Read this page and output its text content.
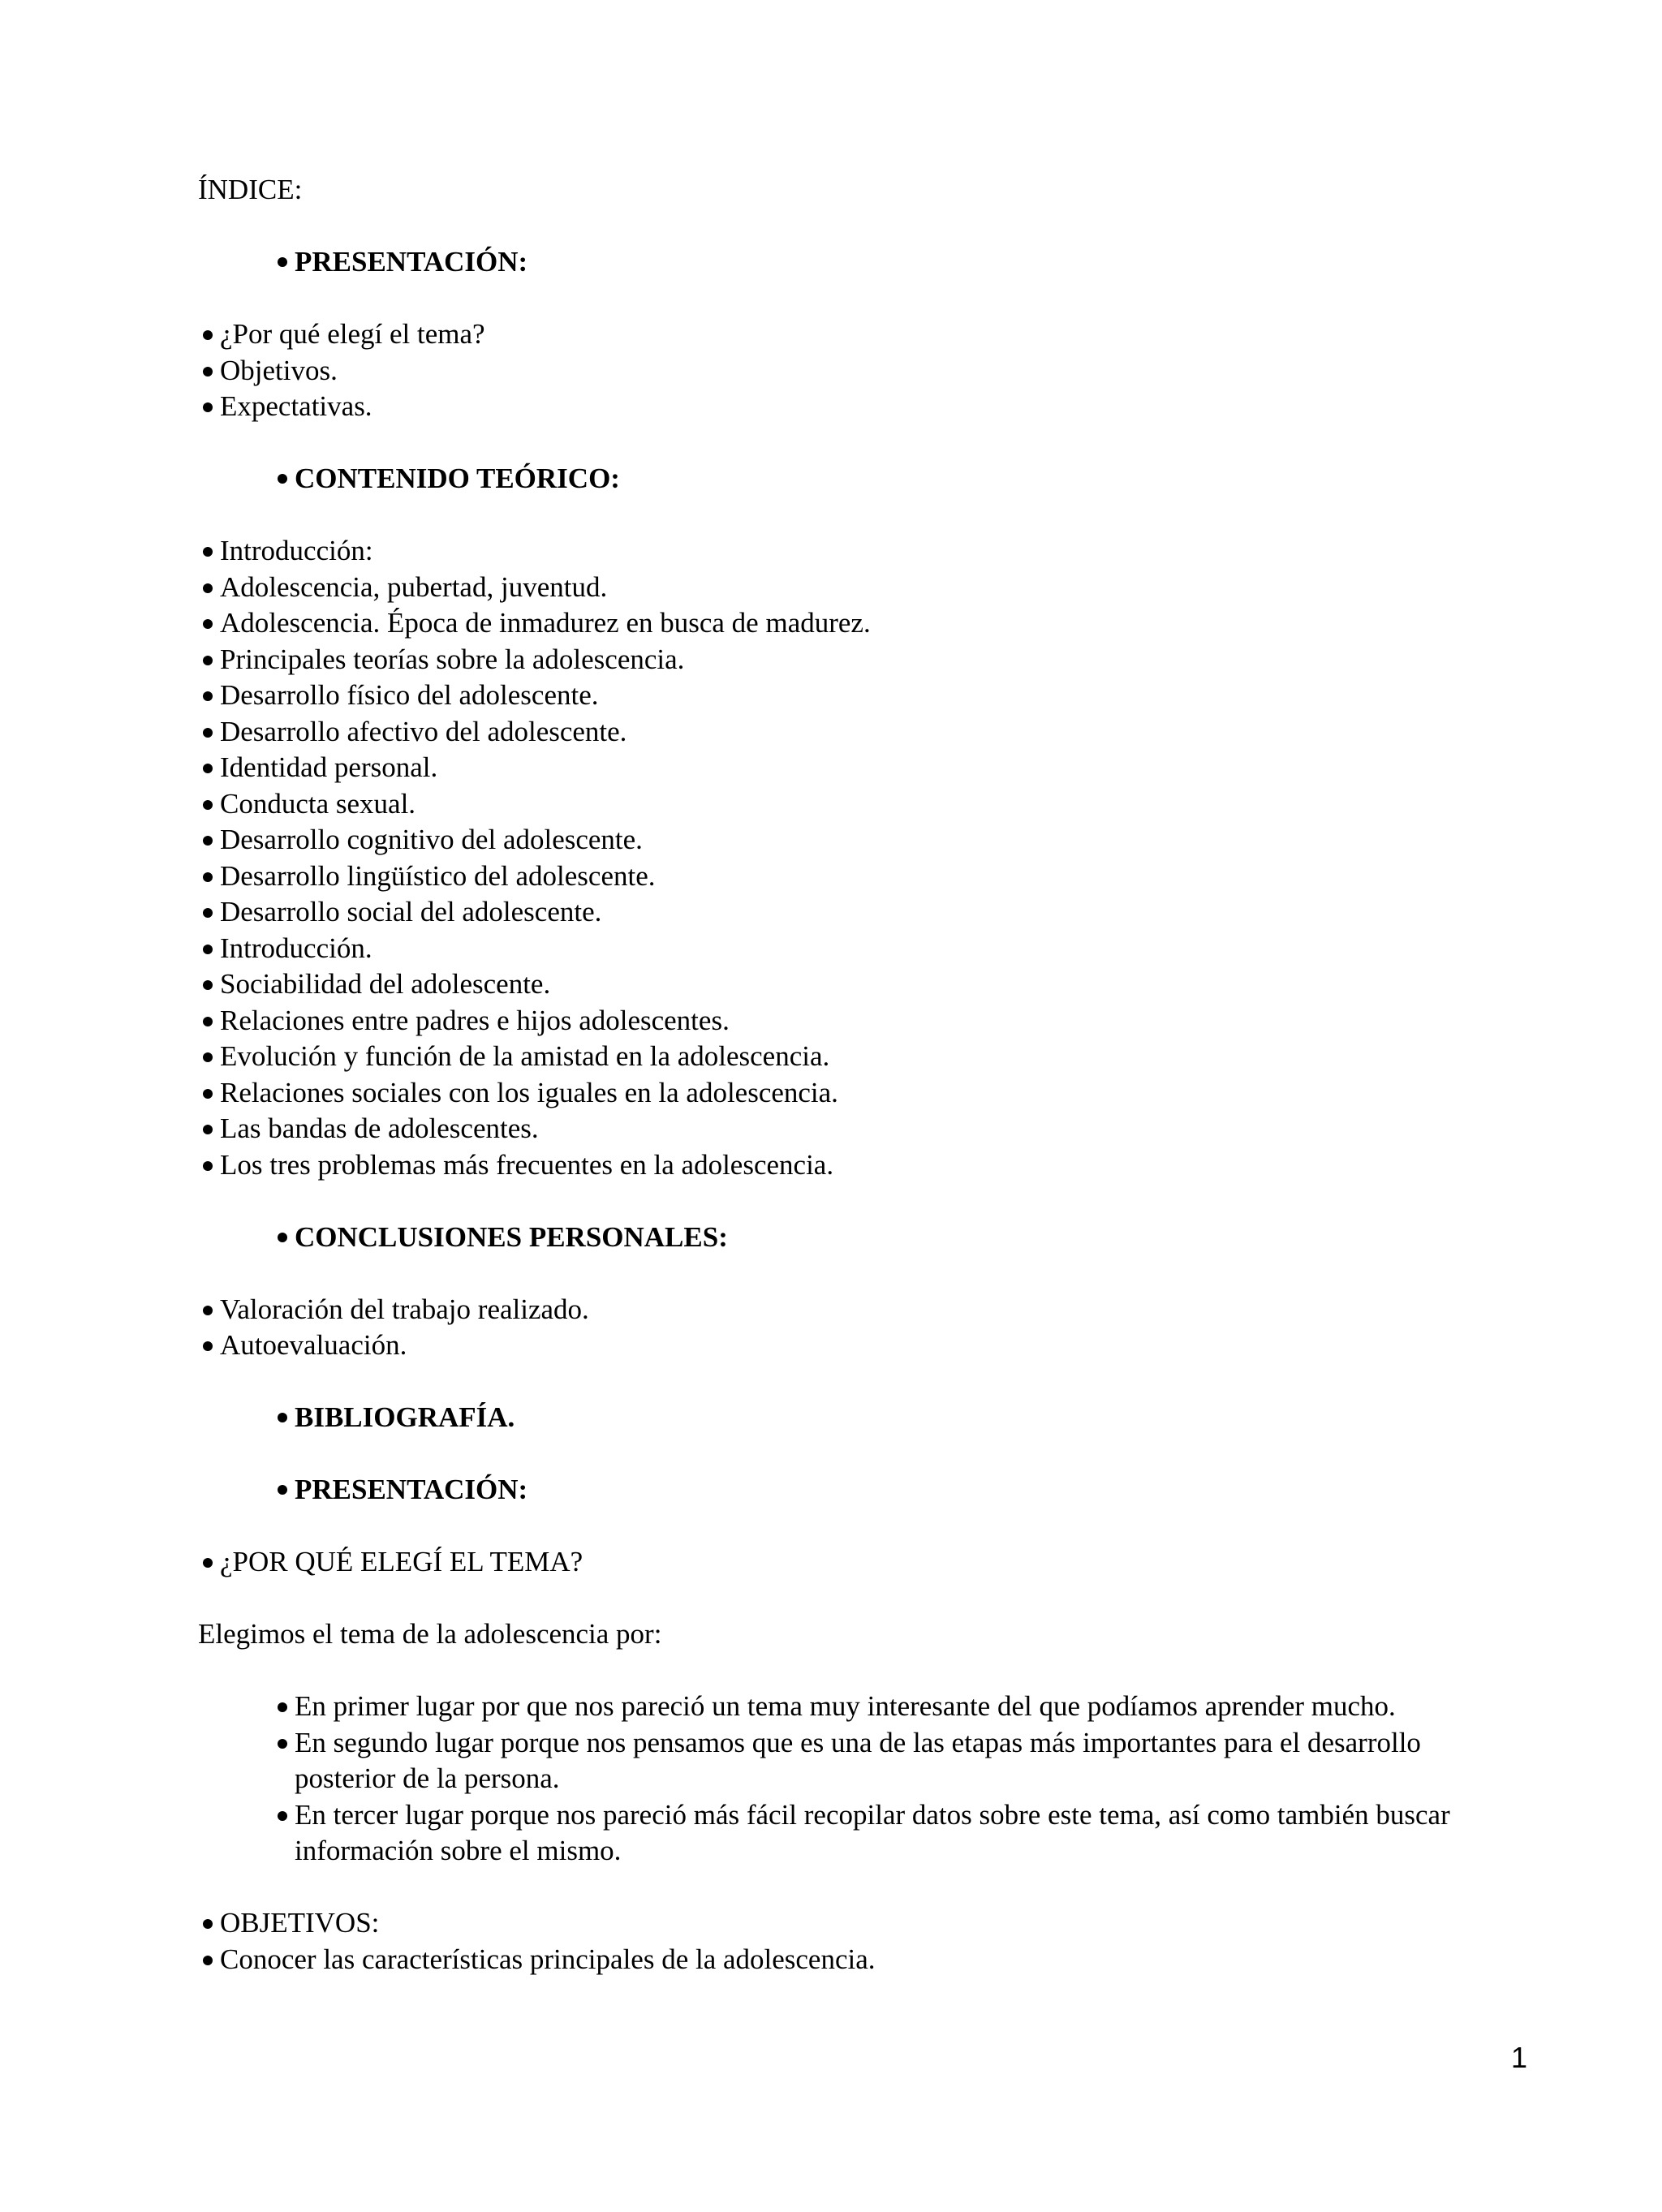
ÍNDICE:
PRESENTACIÓN:
¿Por qué elegí el tema?
Objetivos.
Expectativas.
CONTENIDO TEÓRICO:
Introducción:
Adolescencia, pubertad, juventud.
Adolescencia. Época de inmadurez en busca de madurez.
Principales teorías sobre la adolescencia.
Desarrollo físico del adolescente.
Desarrollo afectivo del adolescente.
Identidad personal.
Conducta sexual.
Desarrollo cognitivo del adolescente.
Desarrollo lingüístico del adolescente.
Desarrollo social del adolescente.
Introducción.
Sociabilidad del adolescente.
Relaciones entre padres e hijos adolescentes.
Evolución y función de la amistad en la adolescencia.
Relaciones sociales con los iguales en la adolescencia.
Las bandas de adolescentes.
Los tres problemas más frecuentes en la adolescencia.
CONCLUSIONES PERSONALES:
Valoración del trabajo realizado.
Autoevaluación.
BIBLIOGRAFÍA.
PRESENTACIÓN:
¿POR QUÉ ELEGÍ EL TEMA?

Elegimos el tema de la adolescencia por:

En primer lugar por que nos pareció un tema muy interesante del que podíamos aprender mucho.
En segundo lugar porque nos pensamos que es una de las etapas más importantes para el desarrollo posterior de la persona.
En tercer lugar porque nos pareció más fácil recopilar datos sobre este tema, así como también buscar información sobre el mismo.
OBJETIVOS:
Conocer las características principales de la adolescencia.
1
